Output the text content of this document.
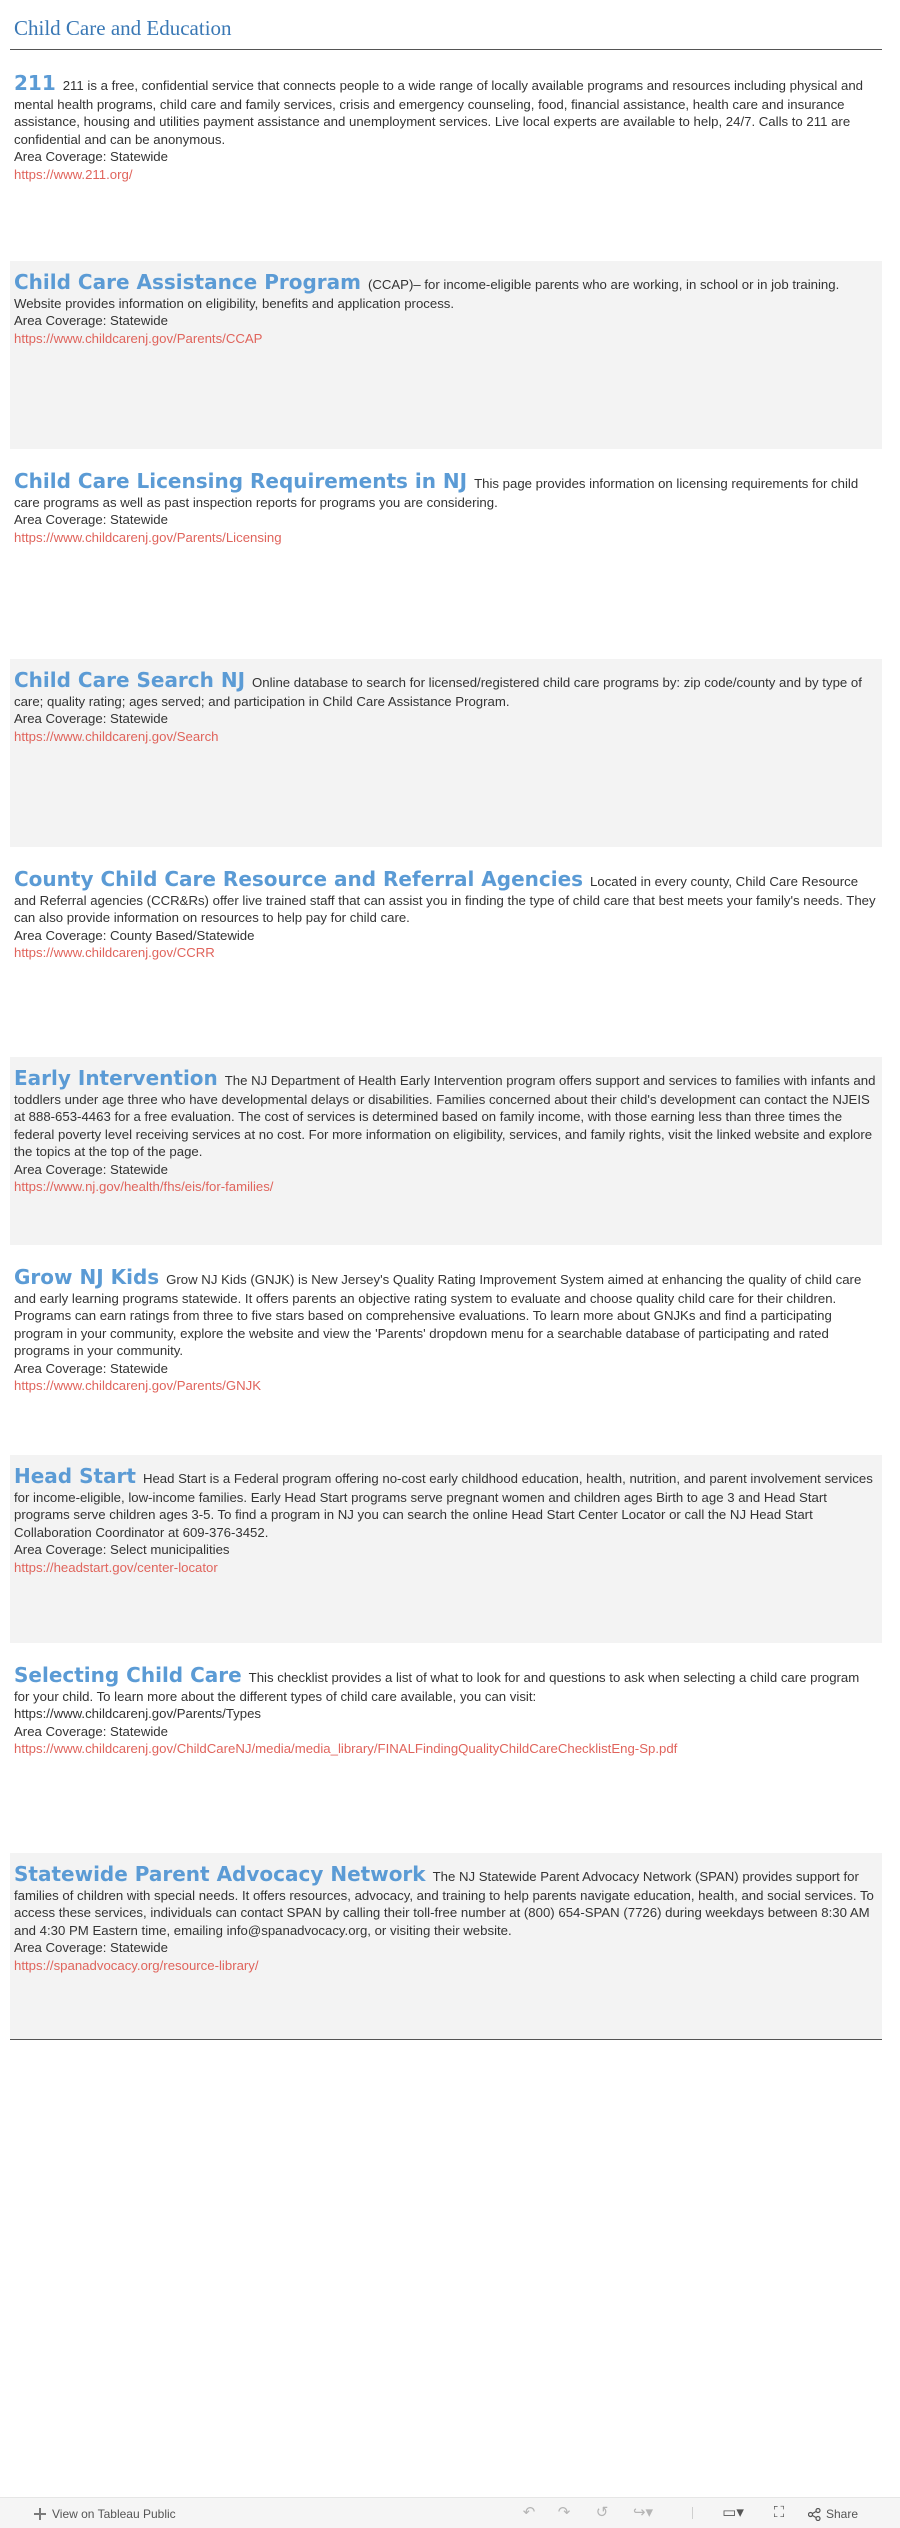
Child Care and Education
211 211 is a free, confidential service that connects people to a wide range of locally available programs and resources including physical and mental health programs, child care and family services, crisis and emergency counseling, food, financial assistance, health care and insurance assistance, housing and utilities payment assistance and unemployment services. Live local experts are available to help, 24/7. Calls to 211 are confidential and can be anonymous.
Area Coverage: Statewide
https://www.211.org/
Child Care Assistance Program (CCAP)– for income-eligible parents who are working, in school or in job training. Website provides information on eligibility, benefits and application process.
Area Coverage: Statewide
https://www.childcarenj.gov/Parents/CCAP
Child Care Licensing Requirements in NJ This page provides information on licensing requirements for child care programs as well as past inspection reports for programs you are considering.
Area Coverage: Statewide
https://www.childcarenj.gov/Parents/Licensing
Child Care Search NJ Online database to search for licensed/registered child care programs by: zip code/county and by type of care; quality rating; ages served; and participation in Child Care Assistance Program.
Area Coverage: Statewide
https://www.childcarenj.gov/Search
County Child Care Resource and Referral Agencies Located in every county, Child Care Resource and Referral agencies (CCR&Rs) offer live trained staff that can assist you in finding the type of child care that best meets your family's needs. They can also provide information on resources to help pay for child care.
Area Coverage: County Based/Statewide
https://www.childcarenj.gov/CCRR
Early Intervention The NJ Department of Health Early Intervention program offers support and services to families with infants and toddlers under age three who have developmental delays or disabilities. Families concerned about their child's development can contact the NJEIS at 888-653-4463 for a free evaluation. The cost of services is determined based on family income, with those earning less than three times the federal poverty level receiving services at no cost. For more information on eligibility, services, and family rights, visit the linked website and explore the topics at the top of the page.
Area Coverage: Statewide
https://www.nj.gov/health/fhs/eis/for-families/
Grow NJ Kids Grow NJ Kids (GNJK) is New Jersey's Quality Rating Improvement System aimed at enhancing the quality of child care and early learning programs statewide. It offers parents an objective rating system to evaluate and choose quality child care for their children. Programs can earn ratings from three to five stars based on comprehensive evaluations. To learn more about GNJKs and find a participating program in your community, explore the website and view the 'Parents' dropdown menu for a searchable database of participating and rated programs in your community.
Area Coverage: Statewide
https://www.childcarenj.gov/Parents/GNJK
Head Start Head Start is a Federal program offering no-cost early childhood education, health, nutrition, and parent involvement services for income-eligible, low-income families. Early Head Start programs serve pregnant women and children ages Birth to age 3 and Head Start programs serve children ages 3-5. To find a program in NJ you can search the online Head Start Center Locator or call the NJ Head Start Collaboration Coordinator at 609-376-3452.
Area Coverage: Select municipalities
https://headstart.gov/center-locator
Selecting Child Care This checklist provides a list of what to look for and questions to ask when selecting a child care program for your child. To learn more about the different types of child care available, you can visit:
https://www.childcarenj.gov/Parents/Types
Area Coverage: Statewide
https://www.childcarenj.gov/ChildCareNJ/media/media_library/FINALFindingQualityChildCareChecklistEng-Sp.pdf
Statewide Parent Advocacy Network The NJ Statewide Parent Advocacy Network (SPAN) provides support for families of children with special needs. It offers resources, advocacy, and training to help parents navigate education, health, and social services. To access these services, individuals can contact SPAN by calling their toll-free number at (800) 654-SPAN (7726) during weekdays between 8:30 AM and 4:30 PM Eastern time, emailing info@spanadvocacy.org, or visiting their website.
Area Coverage: Statewide
https://spanadvocacy.org/resource-library/
View on Tableau Public	↶ ↷ ↺ ↪▾	▭▾ ⛶	Share
